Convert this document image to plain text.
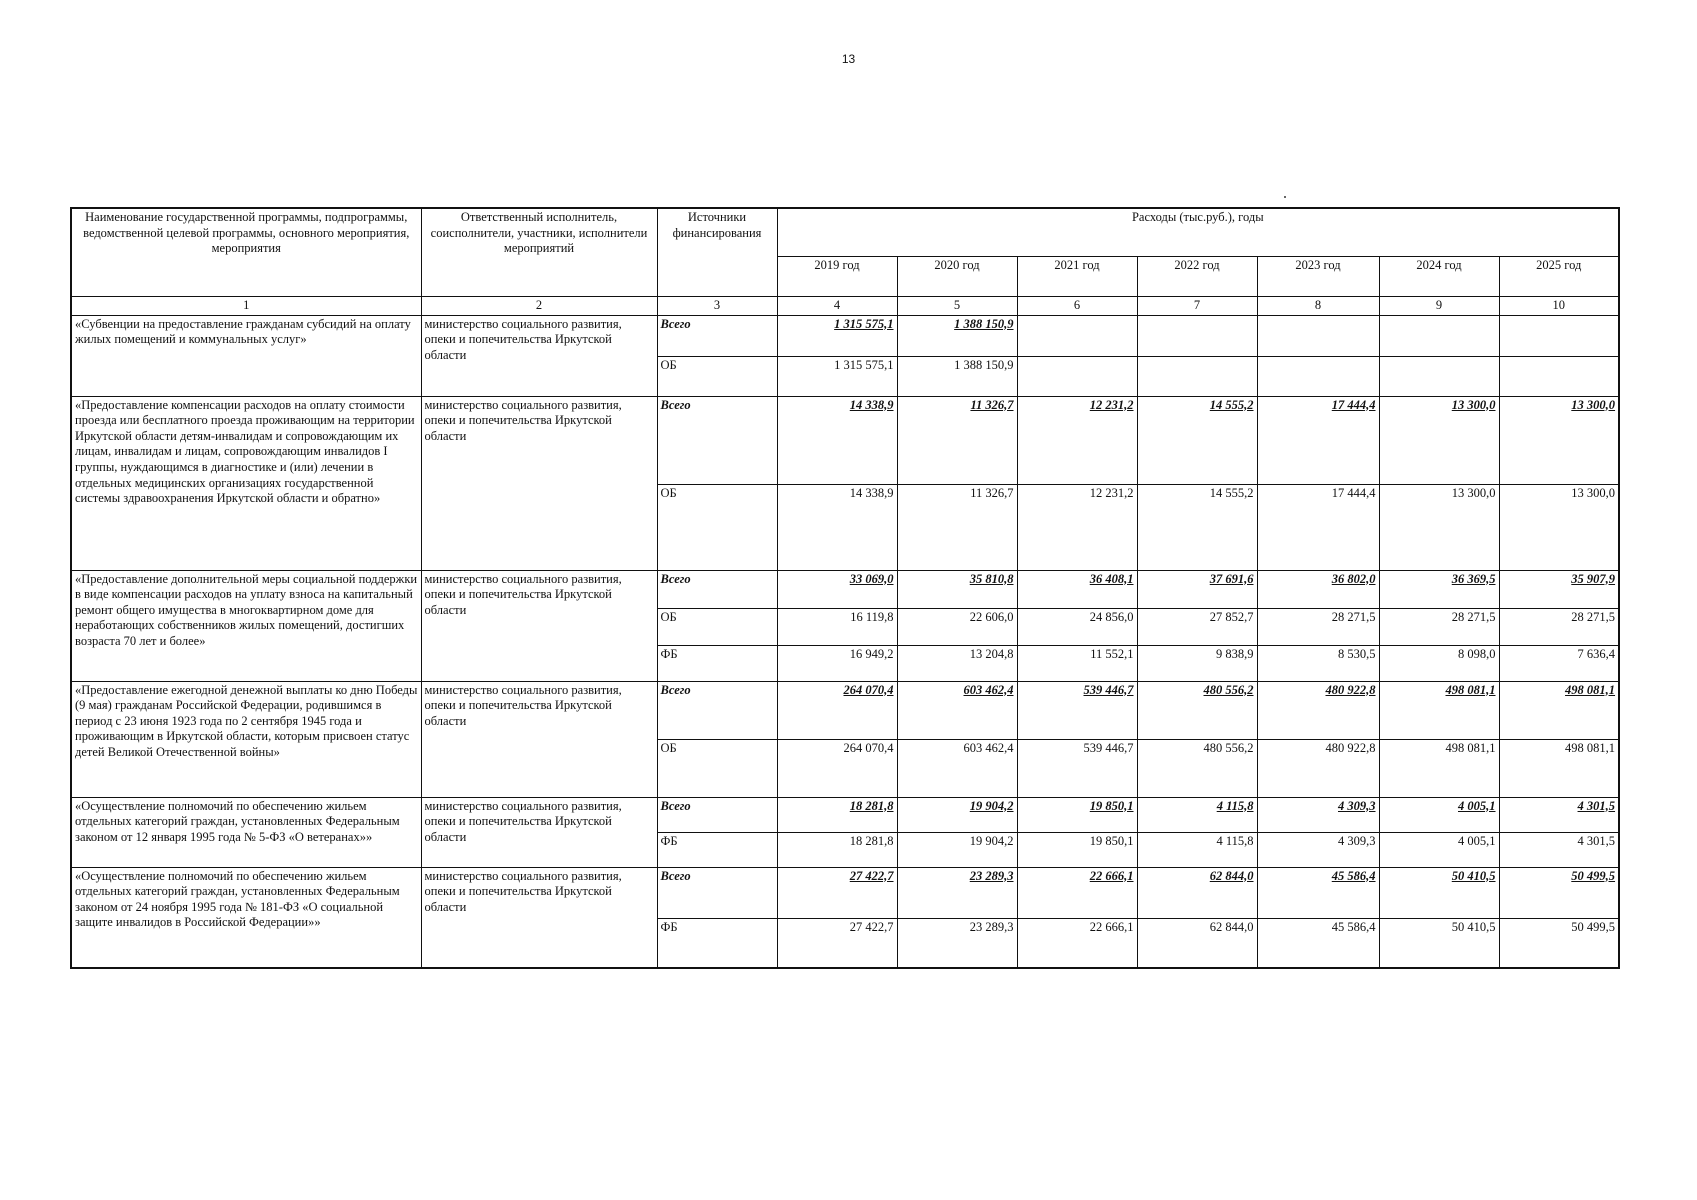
13
Наименование государственной программы, подпрограммы, ведомственной целевой программы, основного мероприятия, мероприятия	Ответственный исполнитель, соисполнители, участники, исполнители мероприятий	Источники финансирования	Расходы (тыс.руб.), годы						
			2019 год	2020 год	2021 год	2022 год	2023 год	2024 год	2025 год
1	2	3	4	5	6	7	8	9	10
«Субвенции на предоставление гражданам субсидий на оплату жилых помещений и коммунальных услуг»	министерство социального развития, опеки и попечительства Иркутской области	Всего	1 315 575,1	1 388 150,9					
		ОБ	1 315 575,1	1 388 150,9					
«Предоставление компенсации расходов на оплату стоимости проезда или бесплатного проезда проживающим на территории Иркутской области детям-инвалидам и сопровождающим их лицам, инвалидам и лицам, сопровождающим инвалидов I группы, нуждающимся в диагностике и (или) лечении в отдельных медицинских организациях государственной системы здравоохранения Иркутской области и обратно»	министерство социального развития, опеки и попечительства Иркутской области	Всего	14 338,9	11 326,7	12 231,2	14 555,2	17 444,4	13 300,0	13 300,0
		ОБ	14 338,9	11 326,7	12 231,2	14 555,2	17 444,4	13 300,0	13 300,0
«Предоставление дополнительной меры социальной поддержки в виде компенсации расходов на уплату взноса на капитальный ремонт общего имущества в многоквартирном доме для неработающих собственников жилых помещений, достигших возраста 70 лет и более»	министерство социального развития, опеки и попечительства Иркутской области	Всего	33 069,0	35 810,8	36 408,1	37 691,6	36 802,0	36 369,5	35 907,9
		ОБ	16 119,8	22 606,0	24 856,0	27 852,7	28 271,5	28 271,5	28 271,5
		ФБ	16 949,2	13 204,8	11 552,1	9 838,9	8 530,5	8 098,0	7 636,4
«Предоставление ежегодной денежной выплаты ко дню Победы (9 мая) гражданам Российской Федерации, родившимся в период с 23 июня 1923 года по 2 сентября 1945 года и проживающим в Иркутской области, которым присвоен статус детей Великой Отечественной войны»	министерство социального развития, опеки и попечительства Иркутской области	Всего	264 070,4	603 462,4	539 446,7	480 556,2	480 922,8	498 081,1	498 081,1
		ОБ	264 070,4	603 462,4	539 446,7	480 556,2	480 922,8	498 081,1	498 081,1
«Осуществление полномочий по обеспечению жильем отдельных категорий граждан, установленных Федеральным законом от 12 января 1995 года № 5-ФЗ «О ветеранах»»	министерство социального развития, опеки и попечительства Иркутской области	Всего	18 281,8	19 904,2	19 850,1	4 115,8	4 309,3	4 005,1	4 301,5
		ФБ	18 281,8	19 904,2	19 850,1	4 115,8	4 309,3	4 005,1	4 301,5
«Осуществление полномочий по обеспечению жильем отдельных категорий граждан, установленных Федеральным законом от 24 ноября 1995 года № 181-ФЗ «О социальной защите инвалидов в Российской Федерации»»	министерство социального развития, опеки и попечительства Иркутской области	Всего	27 422,7	23 289,3	22 666,1	62 844,0	45 586,4	50 410,5	50 499,5
		ФБ	27 422,7	23 289,3	22 666,1	62 844,0	45 586,4	50 410,5	50 499,5
